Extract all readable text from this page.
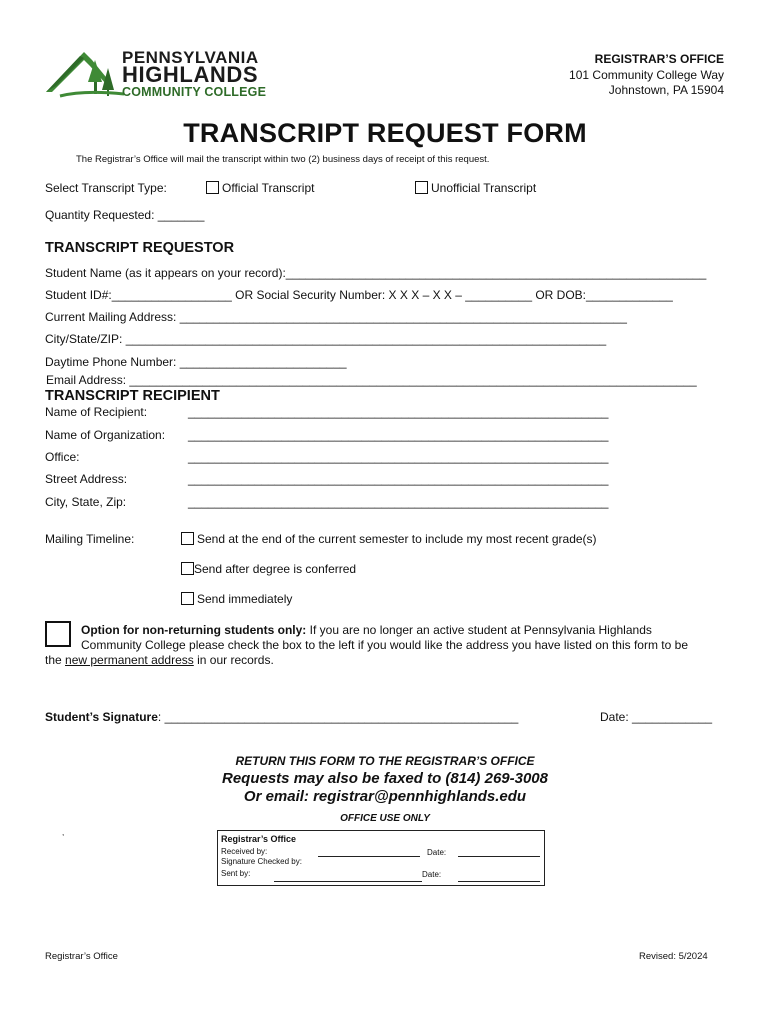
PENNSYLVANIA
HIGHLANDS
COMMUNITY COLLEGE
REGISTRAR’S OFFICE
101 Community College Way
Johnstown, PA 15904
TRANSCRIPT REQUEST FORM
The Registrar’s Office will mail the transcript within two (2) business days of receipt of this request.
Select Transcript Type:	Official Transcript	Unofficial Transcript
Quantity Requested: _______
TRANSCRIPT REQUESTOR
Student Name (as it appears on your record):_______________________________________________________________
Student ID#:__________________ OR Social Security Number: X X X – X X – __________ OR DOB:_____________
Current Mailing Address: ___________________________________________________________________
City/State/ZIP: ________________________________________________________________________
Daytime Phone Number: _________________________
Email Address: _____________________________________________________________________________________
TRANSCRIPT RECIPIENT
Name of Recipient:	_______________________________________________________________
Name of Organization: _______________________________________________________________
Office:	_______________________________________________________________
Street Address:	_______________________________________________________________
City, State, Zip:	_______________________________________________________________
Mailing Timeline:	Send at the end of the current semester to include my most recent grade(s)
Send after degree is conferred
Send immediately
Option for non-returning students only: If you are no longer an active student at Pennsylvania Highlands
Community College please check the box to the left if you would like the address you have listed on this form to be
the new permanent address in our records.
Student’s Signature: _____________________________________________________	Date: ____________
RETURN THIS FORM TO THE REGISTRAR’S OFFICE
Requests may also be faxed to (814) 269-3008
Or email: registrar@pennhighlands.edu
OFFICE USE ONLY
,
Registrar’s Office
Received by:	Date:
Signature Checked by:
Sent by:	Date:
Registrar’s Office	Revised: 5/2024
